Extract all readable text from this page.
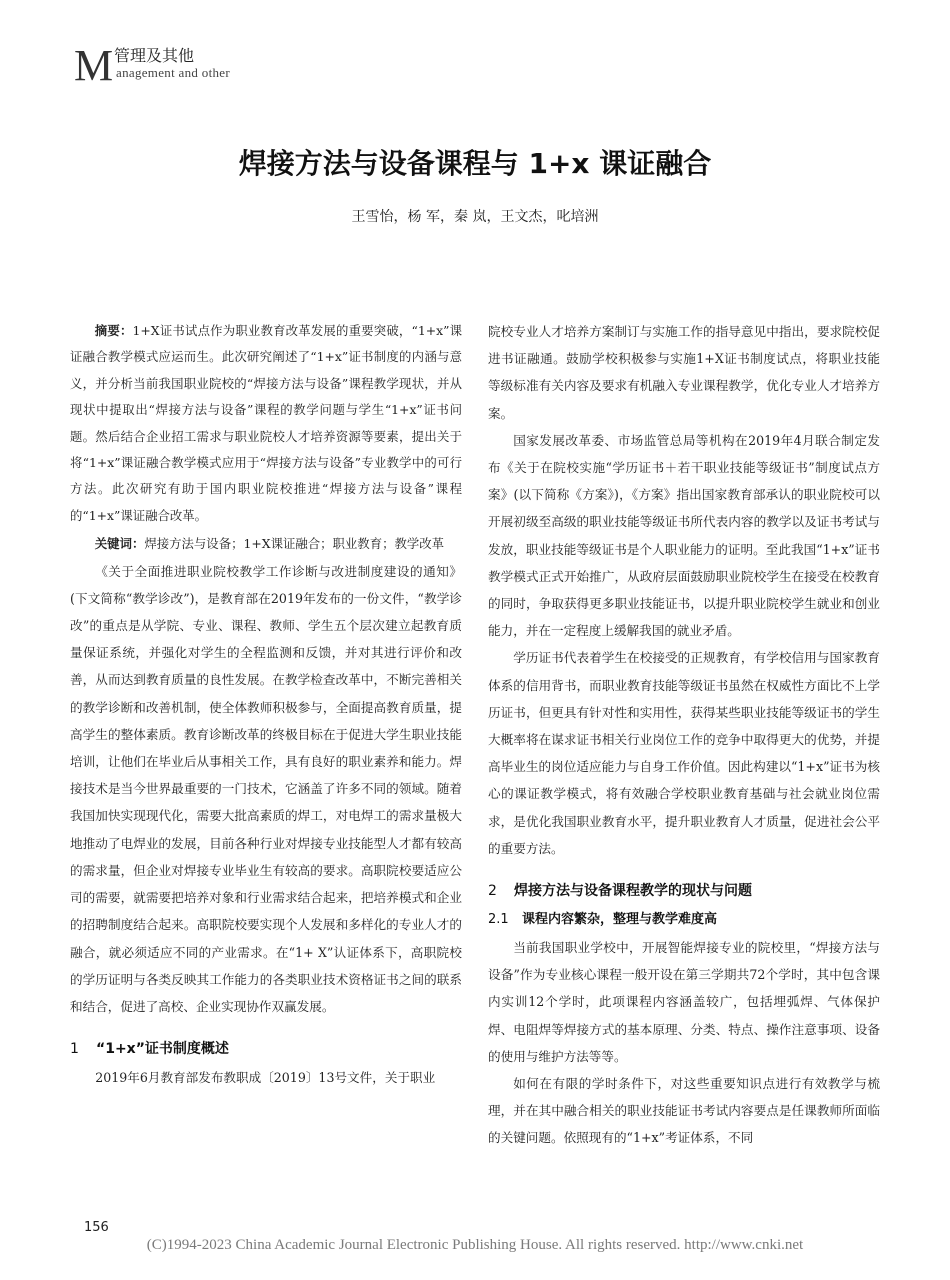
M 管理及其他
anagement and other
焊接方法与设备课程与 1+x 课证融合
王雪怡，杨 军，秦 岚，王文杰，叱培洲

摘要：1+X证书试点作为职业教育改革发展的重要突破，“1+x”课证融合教学模式应运而生。此次研究阐述了“1+x”证书制度的内涵与意义，并分析当前我国职业院校的“焊接方法与设备”课程教学现状，并从现状中提取出“焊接方法与设备”课程的教学问题与学生“1+x”证书问题。然后结合企业招工需求与职业院校人才培养资源等要素，提出关于将“1+x”课证融合教学模式应用于“焊接方法与设备”专业教学中的可行方法。此次研究有助于国内职业院校推进“焊接方法与设备”课程的“1+x”课证融合改革。

关键词：焊接方法与设备；1+X课证融合；职业教育；教学改革

《关于全面推进职业院校教学工作诊断与改进制度建设的通知》(下文简称“教学诊改”)，是教育部在2019年发布的一份文件，“教学诊改”的重点是从学院、专业、课程、教师、学生五个层次建立起教育质量保证系统，并强化对学生的全程监测和反馈，并对其进行评价和改善，从而达到教育质量的良性发展。在教学检查改革中，不断完善相关的教学诊断和改善机制，使全体教师积极参与，全面提高教育质量，提高学生的整体素质。教育诊断改革的终极目标在于促进大学生职业技能培训，让他们在毕业后从事相关工作，具有良好的职业素养和能力。焊接技术是当今世界最重要的一门技术，它涵盖了许多不同的领域。随着我国加快实现现代化，需要大批高素质的焊工，对电焊工的需求量极大地推动了电焊业的发展，目前各种行业对焊接专业技能型人才都有较高的需求量，但企业对焊接专业毕业生有较高的要求。高职院校要适应公司的需要，就需要把培养对象和行业需求结合起来，把培养模式和企业的招聘制度结合起来。高职院校要实现个人发展和多样化的专业人才的融合，就必须适应不同的产业需求。在“1+ X”认证体系下，高职院校的学历证明与各类反映其工作能力的各类职业技术资格证书之间的联系和结合，促进了高校、企业实现协作双赢发展。

1 “1+x”证书制度概述

2019年6月教育部发布教职成〔2019〕13号文件，关于职业

院校专业人才培养方案制订与实施工作的指导意见中指出，要求院校促进书证融通。鼓励学校积极参与实施1+X证书制度试点，将职业技能等级标准有关内容及要求有机融入专业课程教学，优化专业人才培养方案。

国家发展改革委、市场监管总局等机构在2019年4月联合制定发布《关于在院校实施“学历证书＋若干职业技能等级证书”制度试点方案》(以下简称《方案》)，《方案》指出国家教育部承认的职业院校可以开展初级至高级的职业技能等级证书所代表内容的教学以及证书考试与发放，职业技能等级证书是个人职业能力的证明。至此我国“1+x”证书教学模式正式开始推广，从政府层面鼓励职业院校学生在接受在校教育的同时，争取获得更多职业技能证书，以提升职业院校学生就业和创业能力，并在一定程度上缓解我国的就业矛盾。

学历证书代表着学生在校接受的正规教育，有学校信用与国家教育体系的信用背书，而职业教育技能等级证书虽然在权威性方面比不上学历证书，但更具有针对性和实用性，获得某些职业技能等级证书的学生大概率将在谋求证书相关行业岗位工作的竞争中取得更大的优势，并提高毕业生的岗位适应能力与自身工作价值。因此构建以“1+x”证书为核心的课证教学模式，将有效融合学校职业教育基础与社会就业岗位需求，是优化我国职业教育水平，提升职业教育人才质量，促进社会公平的重要方法。

2 焊接方法与设备课程教学的现状与问题
2.1 课程内容繁杂，整理与教学难度高

当前我国职业学校中，开展智能焊接专业的院校里，“焊接方法与设备”作为专业核心课程一般开设在第三学期共72个学时，其中包含课内实训12个学时，此项课程内容涵盖较广，包括埋弧焊、气体保护焊、电阻焊等焊接方式的基本原理、分类、特点、操作注意事项、设备的使用与维护方法等等。

如何在有限的学时条件下，对这些重要知识点进行有效教学与梳理，并在其中融合相关的职业技能证书考试内容要点是任课教师所面临的关键问题。依照现有的“1+x”考证体系，不同

156
(C)1994-2023 China Academic Journal Electronic Publishing House. All rights reserved. http://www.cnki.net
